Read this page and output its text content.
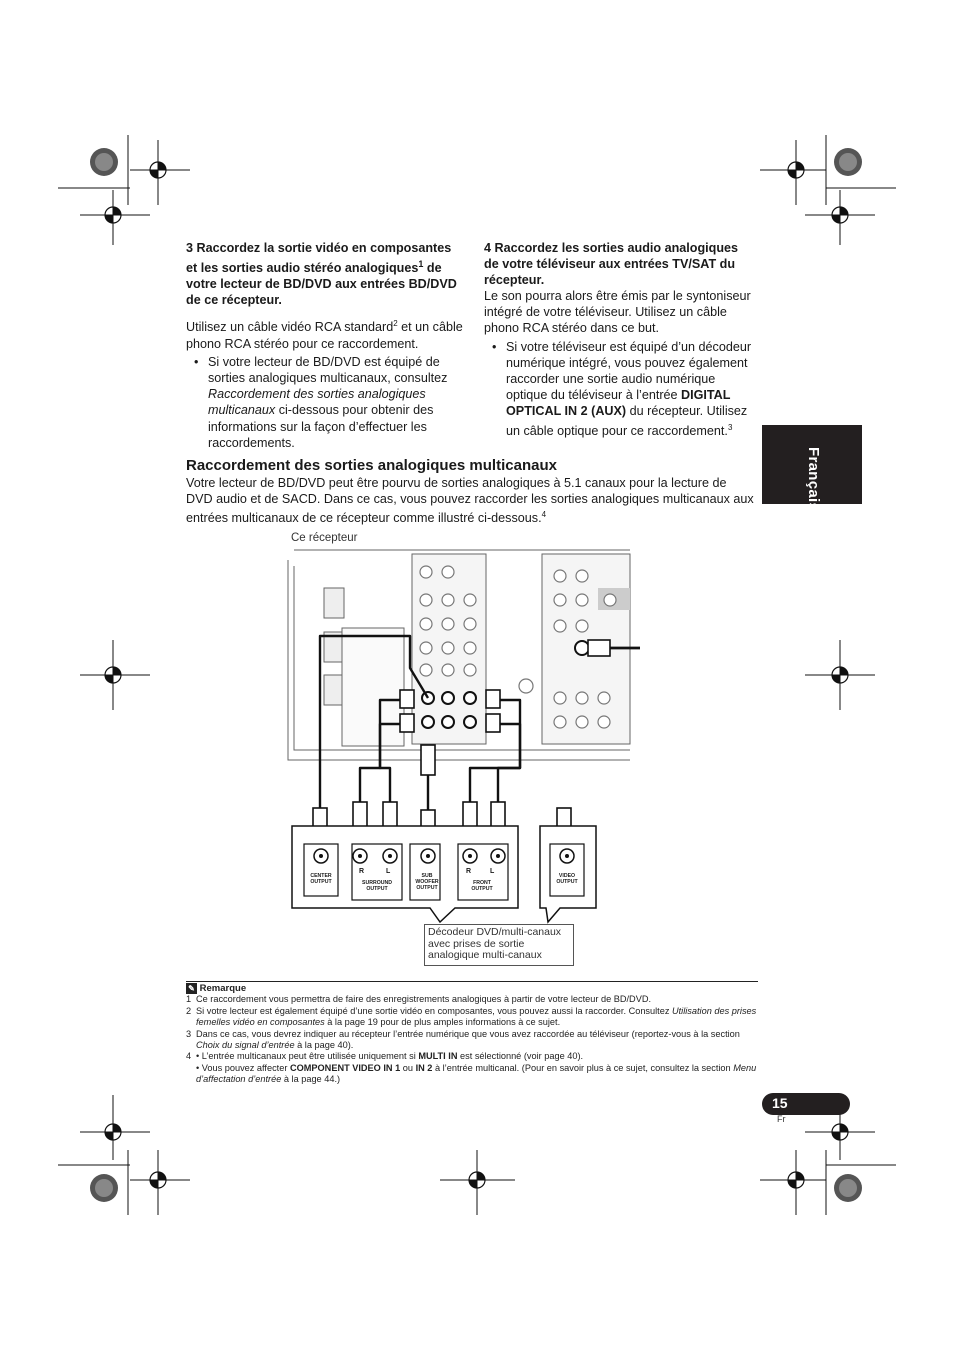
3 Raccordez la sortie vidéo en composantes
et les sorties audio stéréo analogiques$^1$ de
votre lecteur de BD/DVD aux entrées BD/DVD
de ce récepteur.
Utilisez un câble vidéo RCA standard$^2$ et un câble phono RCA stéréo pour ce raccordement.
• Si votre lecteur de BD/DVD est équipé de sorties analogiques multicanaux, consultez Raccordement des sorties analogiques multicanaux ci-dessous pour obtenir des informations sur la façon d’effectuer les raccordements.
4 Raccordez les sorties audio analogiques
de votre téléviseur aux entrées TV/SAT du
récepteur.
Le son pourra alors être émis par le syntoniseur intégré de votre téléviseur. Utilisez un câble phono RCA stéréo dans ce but.
• Si votre téléviseur est équipé d’un décodeur numérique intégré, vous pouvez également raccorder une sortie audio numérique optique du téléviseur à l’entrée DIGITAL OPTICAL IN 2 (AUX) du récepteur. Utilisez un câble optique pour ce raccordement.$^3$
Français
Raccordement des sorties analogiques multicanaux
Votre lecteur de BD/DVD peut être pourvu de sorties analogiques à 5.1 canaux pour la lecture de DVD audio et de SACD. Dans ce cas, vous pouvez raccorder les sorties analogiques multicanaux aux entrées multicanaux de ce récepteur comme illustré ci-dessous.$^4$
Ce récepteur
CENTER OUTPUT
R	L
SURROUND OUTPUT
SUB WOOFER OUTPUT
R	L
FRONT OUTPUT
VIDEO OUTPUT
Décodeur DVD/multi-canaux avec prises de sortie analogique multi-canaux
✎ Remarque
1 Ce raccordement vous permettra de faire des enregistrements analogiques à partir de votre lecteur de BD/DVD.
2 Si votre lecteur est également équipé d’une sortie vidéo en composantes, vous pouvez aussi la raccorder. Consultez Utilisation des prises femelles vidéo en composantes à la page 19 pour de plus amples informations à ce sujet.
3 Dans ce cas, vous devrez indiquer au récepteur l’entrée numérique que vous avez raccordée au téléviseur (reportez-vous à la section Choix du signal d’entrée à la page 40).
4 • L’entrée multicanaux peut être utilisée uniquement si MULTI IN est sélectionné (voir page 40).
• Vous pouvez affecter COMPONENT VIDEO IN 1 ou IN 2 à l’entrée multicanal. (Pour en savoir plus à ce sujet, consultez la section Menu d’affectation d’entrée à la page 44.)
15
Fr
